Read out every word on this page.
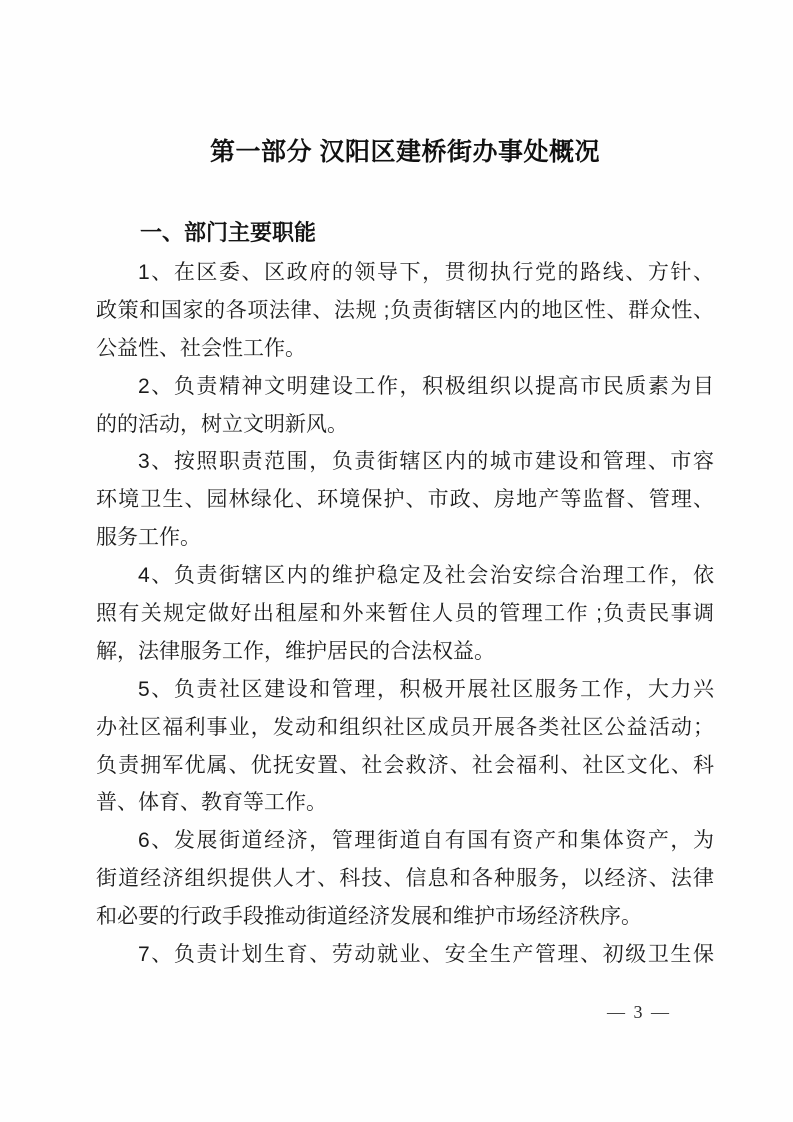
第一部分 汉阳区建桥街办事处概况
一、部门主要职能
1、在区委、区政府的领导下，贯彻执行党的路线、方针、
政策和国家的各项法律、法规 ;负责街辖区内的地区性、群众性、
公益性、社会性工作。
2、负责精神文明建设工作，积极组织以提高市民质素为目
的的活动，树立文明新风。
3、按照职责范围，负责街辖区内的城市建设和管理、市容
环境卫生、园林绿化、环境保护、市政、房地产等监督、管理、
服务工作。
4、负责街辖区内的维护稳定及社会治安综合治理工作，依
照有关规定做好出租屋和外来暂住人员的管理工作 ;负责民事调
解，法律服务工作，维护居民的合法权益。
5、负责社区建设和管理，积极开展社区服务工作，大力兴
办社区福利事业，发动和组织社区成员开展各类社区公益活动；
负责拥军优属、优抚安置、社会救济、社会福利、社区文化、科
普、体育、教育等工作。
6、发展街道经济，管理街道自有国有资产和集体资产，为
街道经济组织提供人才、科技、信息和各种服务，以经济、法律
和必要的行政手段推动街道经济发展和维护市场经济秩序。
7、负责计划生育、劳动就业、安全生产管理、初级卫生保
— 3 —
